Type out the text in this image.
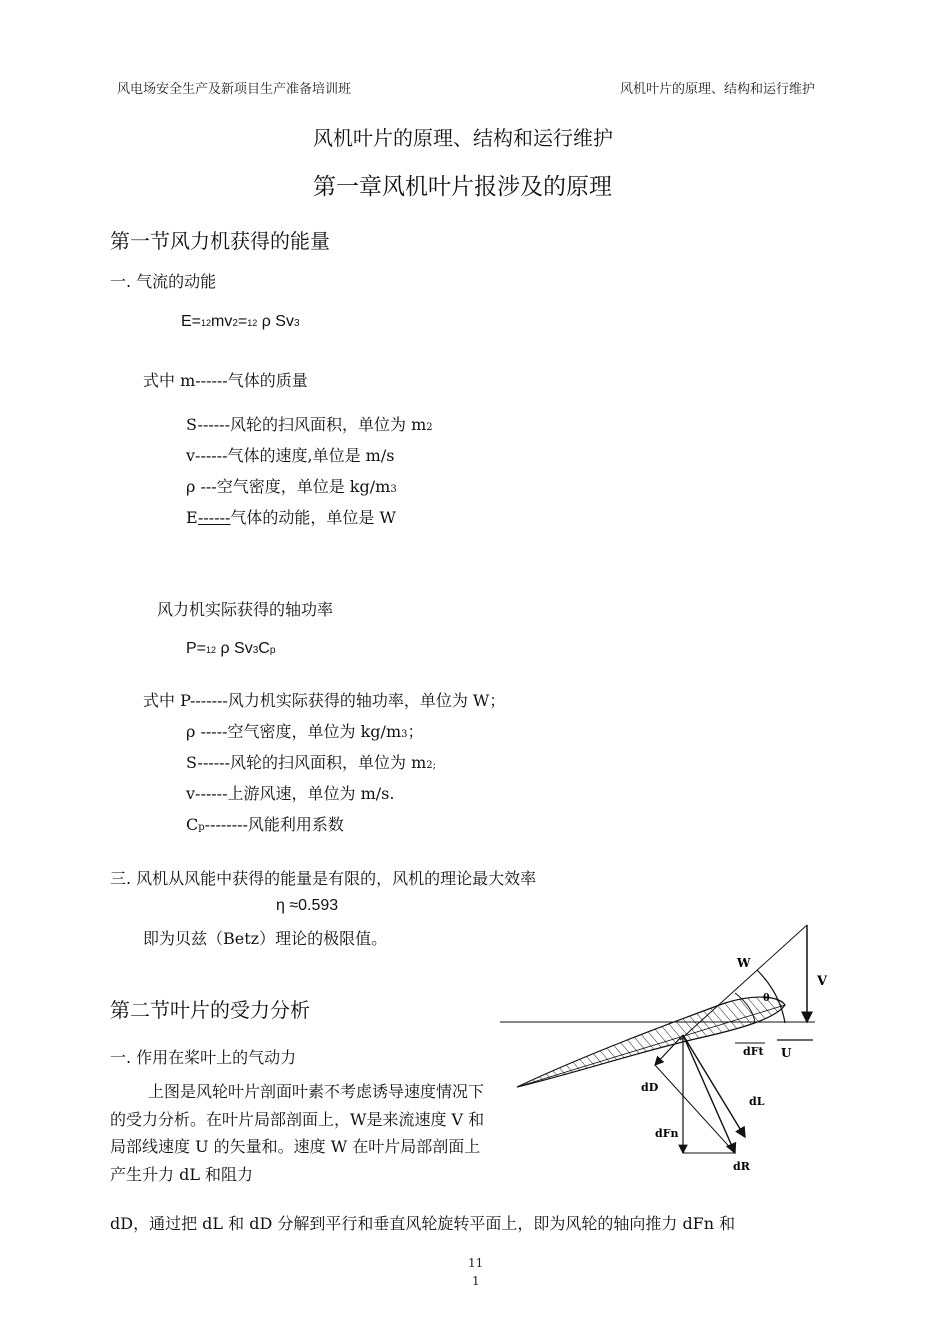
风电场安全生产及新项目生产准备培训班	风机叶片的原理、结构和运行维护
风机叶片的原理、结构和运行维护
第一章风机叶片报涉及的原理
第一节风力机获得的能量
一. 气流的动能
E=12mv2=12 ρ Sv3
式中 m------气体的质量
S------风轮的扫风面积，单位为 m2
v------气体的速度,单位是 m/s
ρ ---空气密度，单位是 kg/m3
E------气体的动能，单位是 W
风力机实际获得的轴功率
P=12 ρ Sv3Cp
式中 P-------风力机实际获得的轴功率，单位为 W；
ρ -----空气密度，单位为 kg/m3；
S------风轮的扫风面积，单位为 m2;
v------上游风速，单位为 m/s.
Cp--------风能利用系数
三. 风机从风能中获得的能量是有限的，风机的理论最大效率
η ≈0.593
即为贝兹（Betz）理论的极限值。
第二节叶片的受力分析
一. 作用在桨叶上的气动力
上图是风轮叶片剖面叶素不考虑诱导速度情况下的受力分析。在叶片局部剖面上，W是来流速度 V 和局部线速度 U 的矢量和。速度 W 在叶片局部剖面上产生升力 dL 和阻力
dD，通过把 dL 和 dD 分解到平行和垂直风轮旋转平面上，即为风轮的轴向推力 dFn 和
W
V
θ
dFt U
dD
dL
dFn
dR
11
1
